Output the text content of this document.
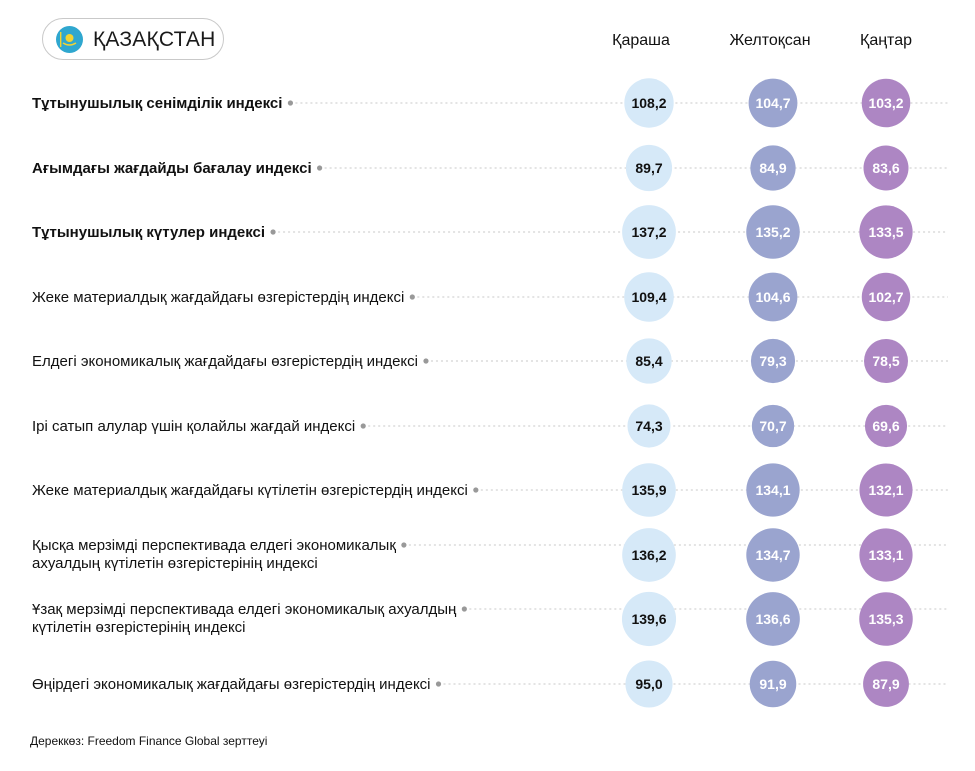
ҚАЗАҚСТАН	Қараша	Желтоқсан	Қаңтар
Тұтынушылық сенімділік индексі	108,2	104,7	103,2
Ағымдағы жағдайды бағалау индексі	89,7	84,9	83,6
Тұтынушылық күтулер индексі	137,2	135,2	133,5
Жеке материалдық жағдайдағы өзгерістердің индексі	109,4	104,6	102,7
Елдегі экономикалық жағдайдағы өзгерістердің индексі	85,4	79,3	78,5
Ірі сатып алулар үшін қолайлы жағдай индексі	74,3	70,7	69,6
Жеке материалдық жағдайдағы күтілетін өзгерістердің индексі	135,9	134,1	132,1
Қысқа мерзімді перспективада елдегі экономикалық
ахуалдың күтілетін өзгерістерінің индексі	136,2	134,7	133,1
Ұзақ мерзімді перспективада елдегі экономикалық ахуалдың
күтілетін өзгерістерінің индексі	139,6	136,6	135,3
Өңірдегі экономикалық жағдайдағы өзгерістердің индексі	95,0	91,9	87,9
Дереккөз: Freedom Finance Global зерттеуі
